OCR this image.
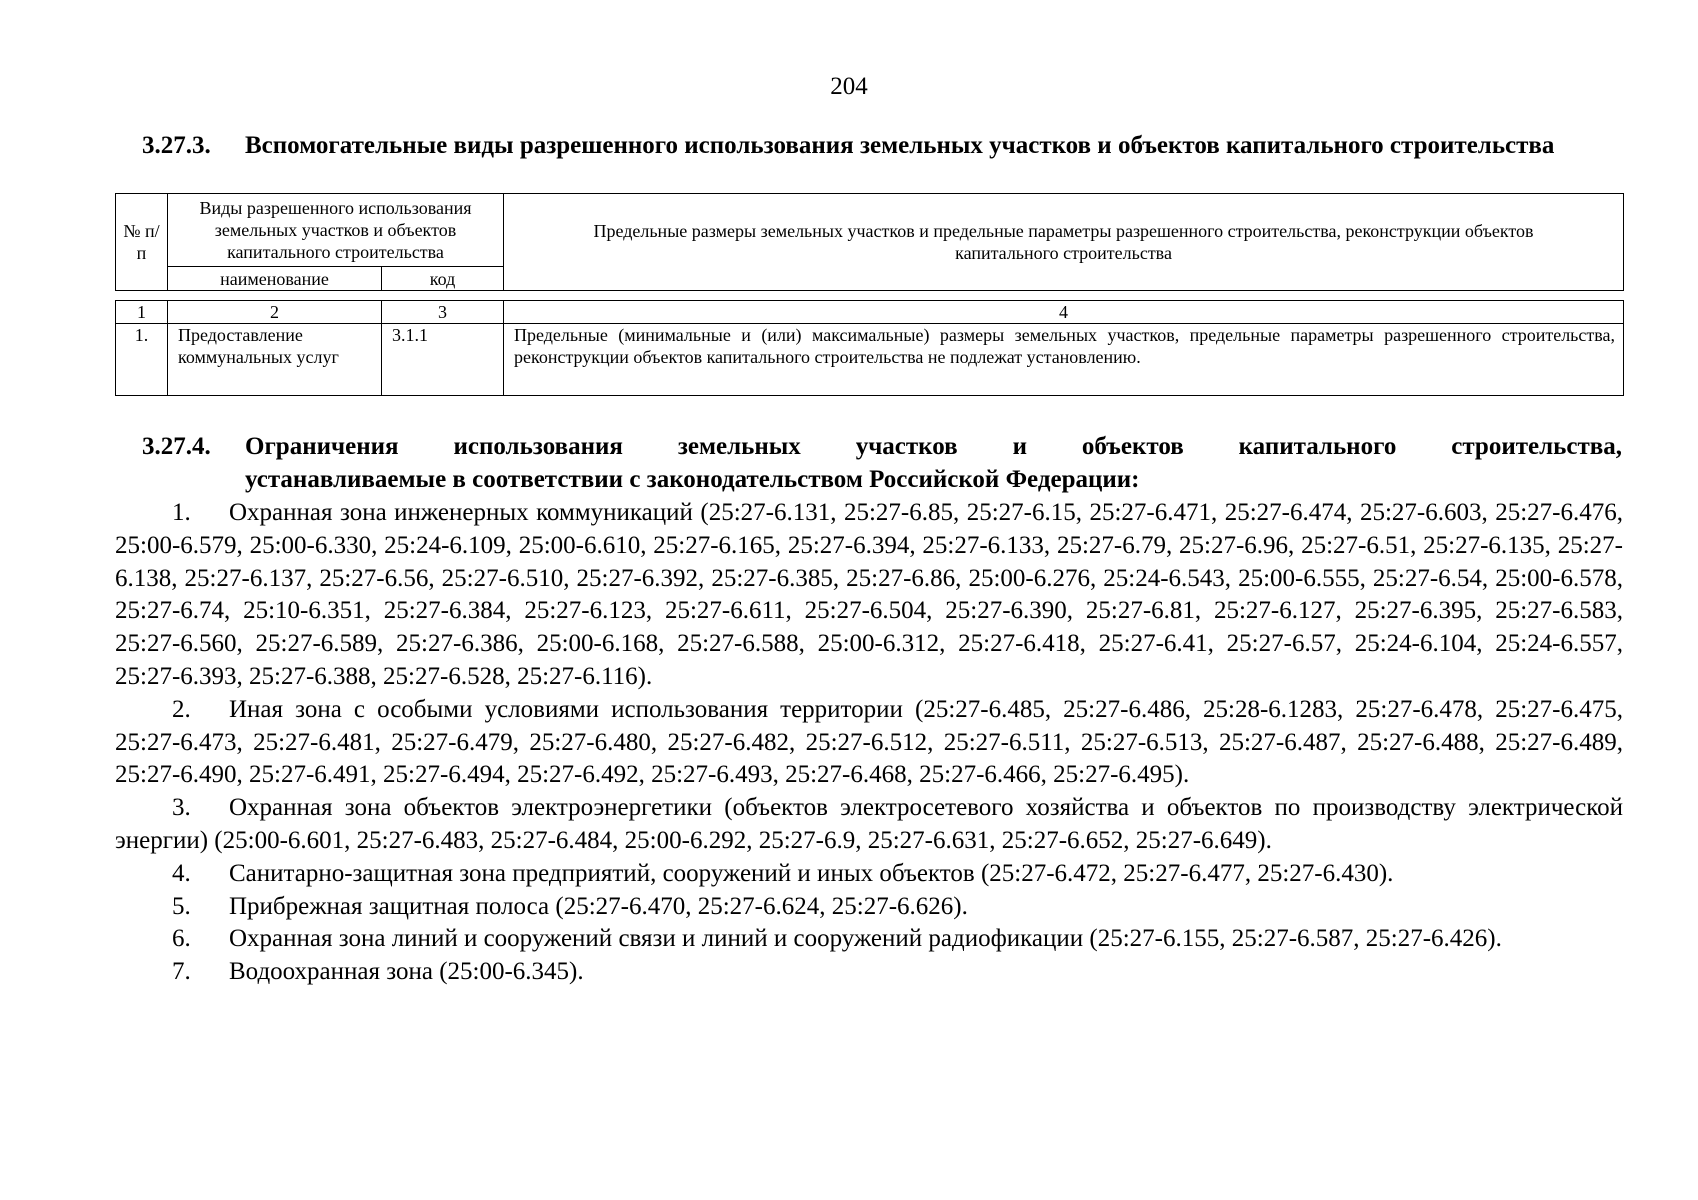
204
3.27.3. Вспомогательные виды разрешенного использования земельных участков и объектов капитального строительства
№ п/п	Виды разрешенного использования земельных участков и объектов капитального строительства		Предельные размеры земельных участков и предельные параметры разрешенного строительства, реконструкции объектов капитального строительства
	наименование	код	
1	2	3	4
1.	Предоставление коммунальных услуг	3.1.1	Предельные (минимальные и (или) максимальные) размеры земельных участков, предельные параметры разрешенного строительства, реконструкции объектов капитального строительства не подлежат установлению.
3.27.4. Ограничения использования земельных участков и объектов капитального строительства,
устанавливаемые в соответствии с законодательством Российской Федерации:

1. Охранная зона инженерных коммуникаций (25:27-6.131, 25:27-6.85, 25:27-6.15, 25:27-6.471, 25:27-6.474, 25:27-6.603, 25:27-6.476, 25:00-6.579, 25:00-6.330, 25:24-6.109, 25:00-6.610, 25:27-6.165, 25:27-6.394, 25:27-6.133, 25:27-6.79, 25:27-6.96, 25:27-6.51, 25:27-6.135, 25:27-6.138, 25:27-6.137, 25:27-6.56, 25:27-6.510, 25:27-6.392, 25:27-6.385, 25:27-6.86, 25:00-6.276, 25:24-6.543, 25:00-6.555, 25:27-6.54, 25:00-6.578, 25:27-6.74, 25:10-6.351, 25:27-6.384, 25:27-6.123, 25:27-6.611, 25:27-6.504, 25:27-6.390, 25:27-6.81, 25:27-6.127, 25:27-6.395, 25:27-6.583, 25:27-6.560, 25:27-6.589, 25:27-6.386, 25:00-6.168, 25:27-6.588, 25:00-6.312, 25:27-6.418, 25:27-6.41, 25:27-6.57, 25:24-6.104, 25:24-6.557, 25:27-6.393, 25:27-6.388, 25:27-6.528, 25:27-6.116).

2. Иная зона с особыми условиями использования территории (25:27-6.485, 25:27-6.486, 25:28-6.1283, 25:27-6.478, 25:27-6.475, 25:27-6.473, 25:27-6.481, 25:27-6.479, 25:27-6.480, 25:27-6.482, 25:27-6.512, 25:27-6.511, 25:27-6.513, 25:27-6.487, 25:27-6.488, 25:27-6.489, 25:27-6.490, 25:27-6.491, 25:27-6.494, 25:27-6.492, 25:27-6.493, 25:27-6.468, 25:27-6.466, 25:27-6.495).

3. Охранная зона объектов электроэнергетики (объектов электросетевого хозяйства и объектов по производству электрической энергии) (25:00-6.601, 25:27-6.483, 25:27-6.484, 25:00-6.292, 25:27-6.9, 25:27-6.631, 25:27-6.652, 25:27-6.649).

4. Санитарно-защитная зона предприятий, сооружений и иных объектов (25:27-6.472, 25:27-6.477, 25:27-6.430).

5. Прибрежная защитная полоса (25:27-6.470, 25:27-6.624, 25:27-6.626).

6. Охранная зона линий и сооружений связи и линий и сооружений радиофикации (25:27-6.155, 25:27-6.587, 25:27-6.426).

7. Водоохранная зона (25:00-6.345).
